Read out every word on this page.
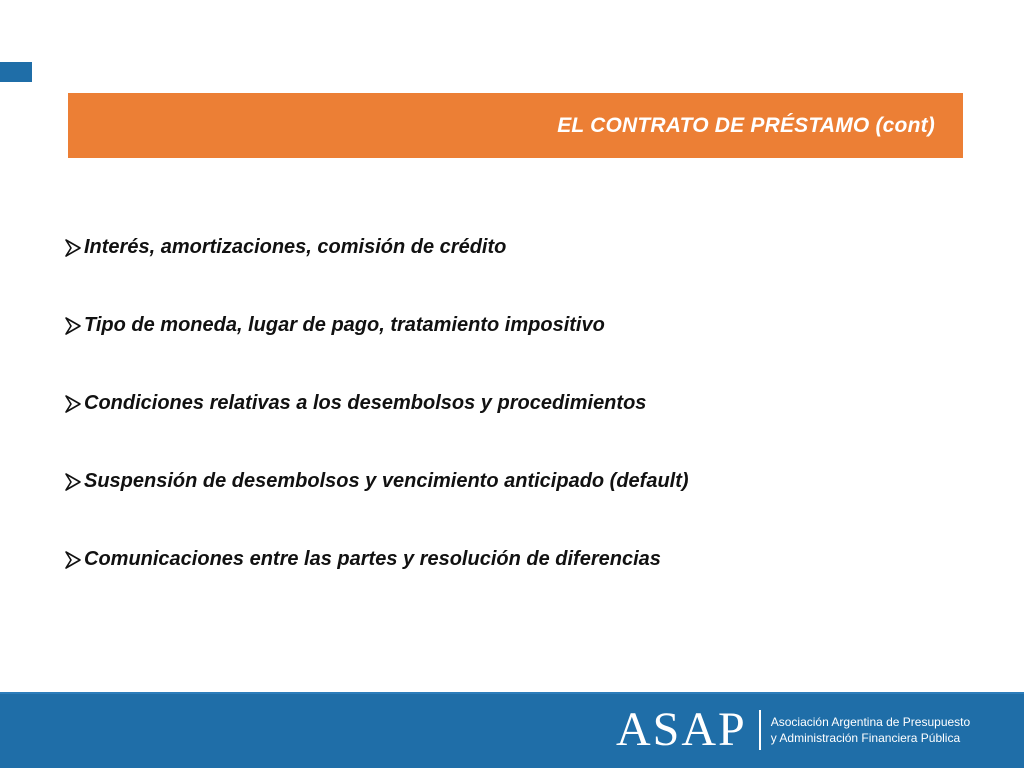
EL CONTRATO DE PRÉSTAMO (cont)
Interés, amortizaciones, comisión de crédito
Tipo de moneda, lugar de pago, tratamiento impositivo
Condiciones relativas a los desembolsos y procedimientos
Suspensión de desembolsos y vencimiento anticipado (default)
Comunicaciones entre las partes y resolución de diferencias
ASAP Asociación Argentina de Presupuesto
y Administración Financiera Pública
